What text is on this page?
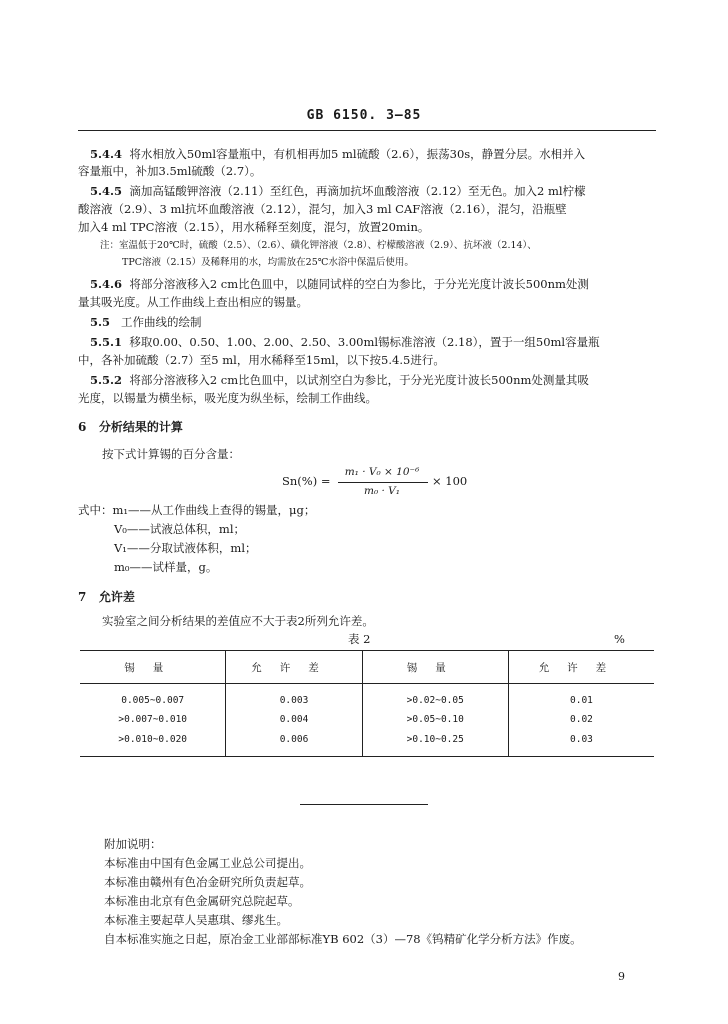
GB 6150. 3—85
5.4.4 将水相放入50ml容量瓶中，有机相再加5 ml硫酸（2.6），振荡30s，静置分层。水相并入
容量瓶中，补加3.5ml硫酸（2.7）。
5.4.5 滴加高锰酸钾溶液（2.11）至红色，再滴加抗坏血酸溶液（2.12）至无色。加入2 ml柠檬
酸溶液（2.9）、3 ml抗坏血酸溶液（2.12），混匀，加入3 ml CAF溶液（2.16），混匀，沿瓶壁
加入4 ml TPC溶液（2.15），用水稀释至刻度，混匀，放置20min。
注：室温低于20℃时，硫酸（2.5）、（2.6）、磺化钾溶液（2.8）、柠檬酸溶液（2.9）、抗坏液（2.14）、
TPC溶液（2.15）及稀释用的水，均需放在25℃水浴中保温后使用。
5.4.6 将部分溶液移入2 cm比色皿中，以随同试样的空白为参比，于分光光度计波长500nm处测
量其吸光度。从工作曲线上查出相应的锡量。
5.5 工作曲线的绘制
5.5.1 移取0.00、0.50、1.00、2.00、2.50、3.00ml锡标准溶液（2.18），置于一组50ml容量瓶
中，各补加硫酸（2.7）至5 ml，用水稀释至15ml，以下按5.4.5进行。
5.5.2 将部分溶液移入2 cm比色皿中，以试剂空白为参比，于分光光度计波长500nm处测量其吸
光度，以锡量为横坐标，吸光度为纵坐标，绘制工作曲线。
6 分析结果的计算
按下式计算锡的百分含量：
Sn(%) =
m₁ · V₀ × 10⁻⁶
m₀ · V₁
× 100
式中：m₁——从工作曲线上查得的锡量，μg；
V₀——试液总体积，ml；
V₁——分取试液体积，ml；
m₀——试样量，g。
7 允许差
实验室之间分析结果的差值应不大于表2所列允许差。
表 2	%
锡量	允许差	锡量	允许差
0.005~0.007	0.003	>0.02~0.05	0.01
>0.007~0.010	0.004	>0.05~0.10	0.02
>0.010~0.020	0.006	>0.10~0.25	0.03
附加说明：
本标准由中国有色金属工业总公司提出。
本标准由赣州有色冶金研究所负责起草。
本标准由北京有色金属研究总院起草。
本标准主要起草人吴惠琪、缪兆生。
自本标准实施之日起，原冶金工业部部标准YB 602（3）—78《钨精矿化学分析方法》作废。
9
